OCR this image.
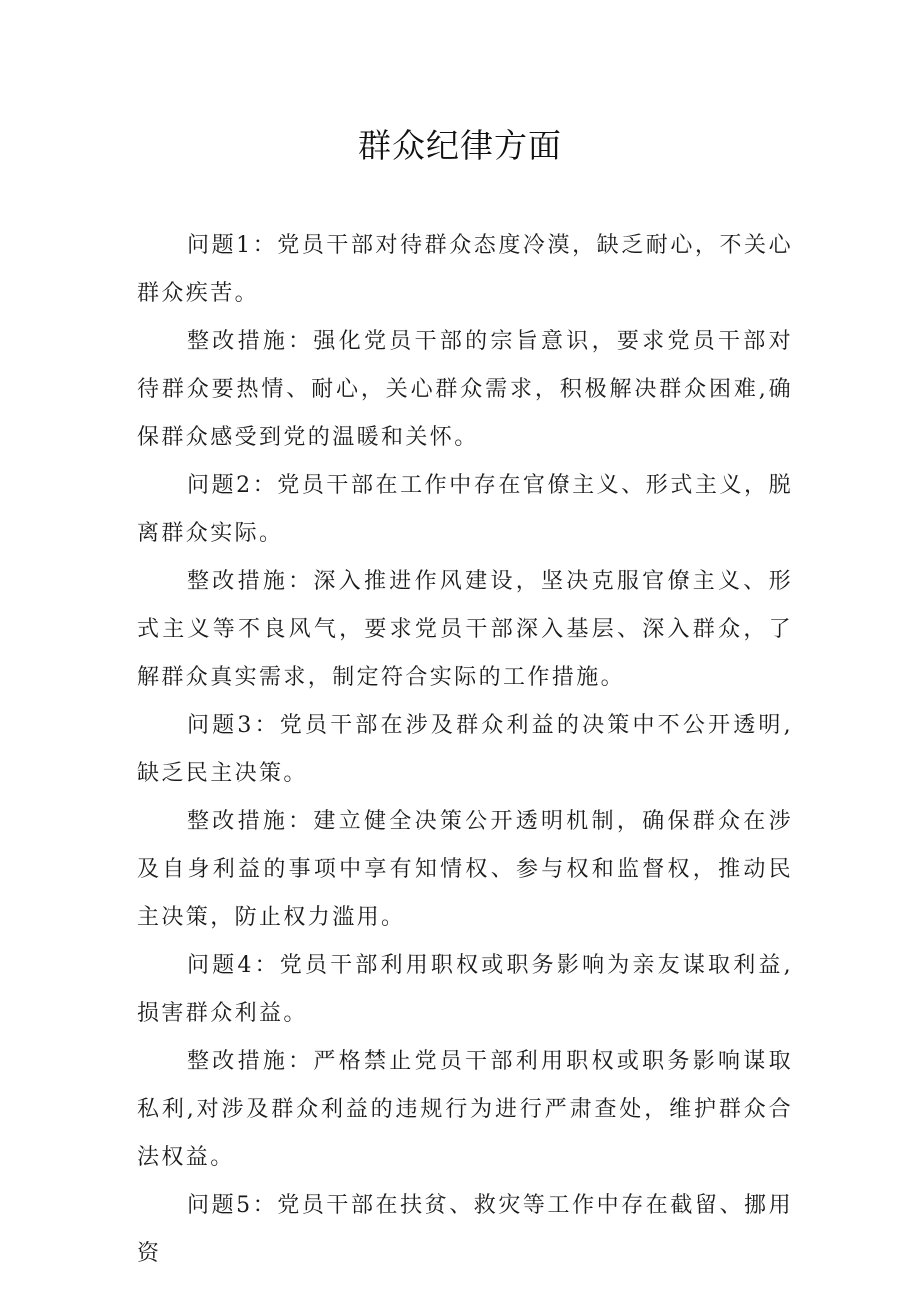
群众纪律方面

问题1：党员干部对待群众态度冷漠，缺乏耐心，不关心群众疾苦。

整改措施：强化党员干部的宗旨意识，要求党员干部对待群众要热情、耐心，关心群众需求，积极解决群众困难,确保群众感受到党的温暖和关怀。

问题2：党员干部在工作中存在官僚主义、形式主义，脱离群众实际。

整改措施：深入推进作风建设，坚决克服官僚主义、形式主义等不良风气，要求党员干部深入基层、深入群众，了解群众真实需求，制定符合实际的工作措施。

问题3：党员干部在涉及群众利益的决策中不公开透明,缺乏民主决策。

整改措施：建立健全决策公开透明机制，确保群众在涉及自身利益的事项中享有知情权、参与权和监督权，推动民主决策，防止权力滥用。

问题4：党员干部利用职权或职务影响为亲友谋取利益,损害群众利益。

整改措施：严格禁止党员干部利用职权或职务影响谋取私利,对涉及群众利益的违规行为进行严肃查处，维护群众合法权益。

问题5：党员干部在扶贫、救灾等工作中存在截留、挪用资
